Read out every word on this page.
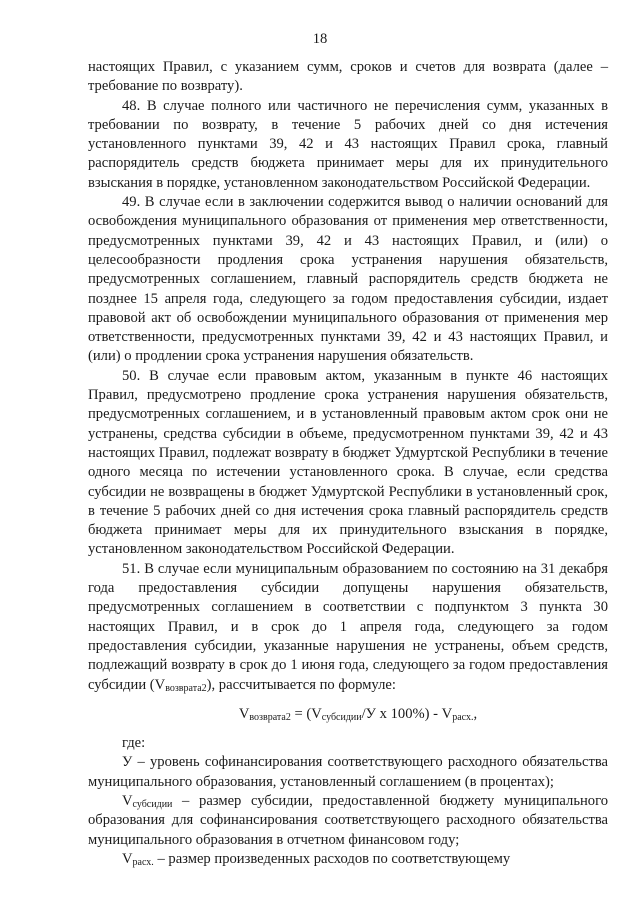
18

настоящих Правил, с указанием сумм, сроков и счетов для возврата (далее – требование по возврату).

48. В случае полного или частичного не перечисления сумм, указанных в требовании по возврату, в течение 5 рабочих дней со дня истечения установленного пунктами 39, 42 и 43 настоящих Правил срока, главный распорядитель средств бюджета принимает меры для их принудительного взыскания в порядке, установленном законодательством Российской Федерации.

49. В случае если в заключении содержится вывод о наличии оснований для освобождения муниципального образования от применения мер ответственности, предусмотренных пунктами 39, 42 и 43 настоящих Правил, и (или) о целесообразности продления срока устранения нарушения обязательств, предусмотренных соглашением, главный распорядитель средств бюджета не позднее 15 апреля года, следующего за годом предоставления субсидии, издает правовой акт об освобождении муниципального образования от применения мер ответственности, предусмотренных пунктами 39, 42 и 43 настоящих Правил, и (или) о продлении срока устранения нарушения обязательств.

50. В случае если правовым актом, указанным в пункте 46 настоящих Правил, предусмотрено продление срока устранения нарушения обязательств, предусмотренных соглашением, и в установленный правовым актом срок они не устранены, средства субсидии в объеме, предусмотренном пунктами 39, 42 и 43 настоящих Правил, подлежат возврату в бюджет Удмуртской Республики в течение одного месяца по истечении установленного срока. В случае, если средства субсидии не возвращены в бюджет Удмуртской Республики в установленный срок, в течение 5 рабочих дней со дня истечения срока главный распорядитель средств бюджета принимает меры для их принудительного взыскания в порядке, установленном законодательством Российской Федерации.

51. В случае если муниципальным образованием по состоянию на 31 декабря года предоставления субсидии допущены нарушения обязательств, предусмотренных соглашением в соответствии с подпунктом 3 пункта 30 настоящих Правил, и в срок до 1 апреля года, следующего за годом предоставления субсидии, указанные нарушения не устранены, объем средств, подлежащий возврату в срок до 1 июня года, следующего за годом предоставления субсидии $(V_{возврата2})$, рассчитывается по формуле:

$V_{возврата2} = (V_{субсидии}/У$ х $100\%) - V_{расх.}$,

где:

У – уровень софинансирования соответствующего расходного обязательства муниципального образования, установленный соглашением (в процентах);

$V_{субсидии}$ – размер субсидии, предоставленной бюджету муниципального образования для софинансирования соответствующего расходного обязательства муниципального образования в отчетном финансовом году;

$V_{расх.}$ – размер произведенных расходов по соответствующему
